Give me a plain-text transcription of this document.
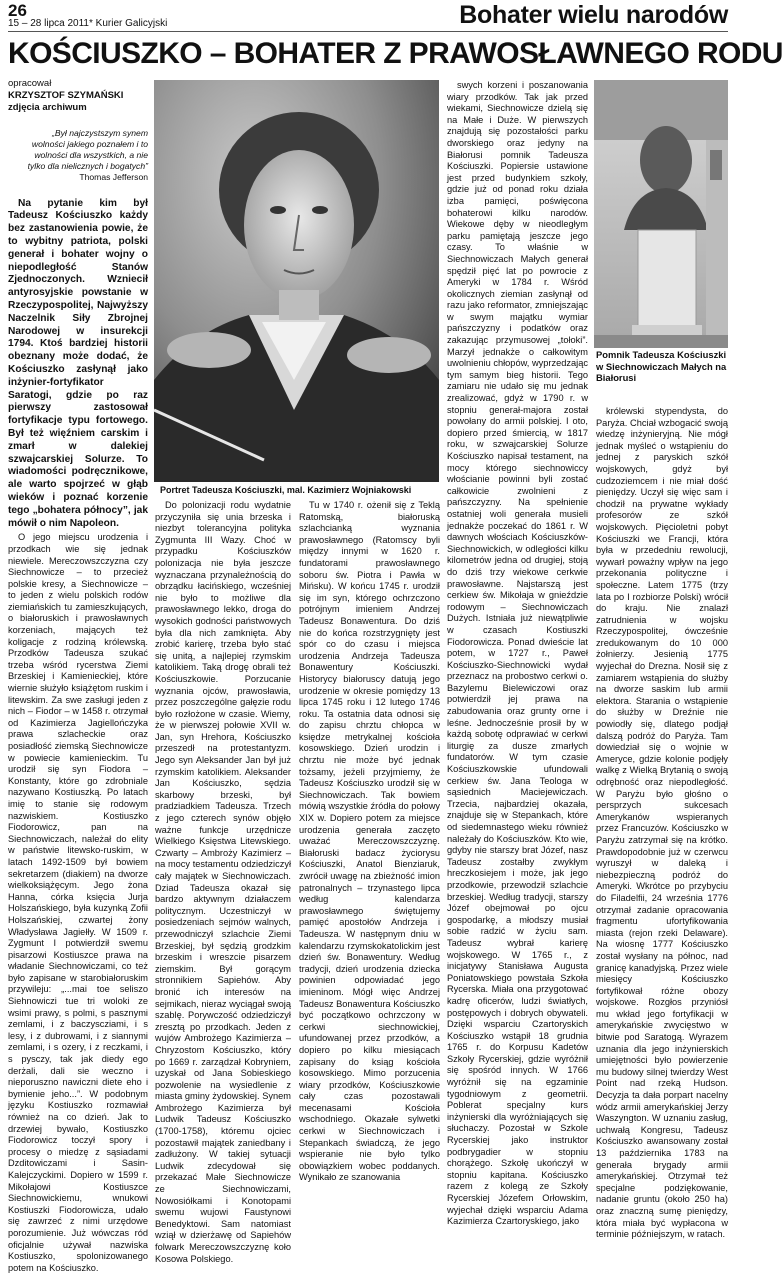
26
15 – 28 lipca 2011* Kurier Galicyjski	Bohater wielu narodów
KOŚCIUSZKO – BOHATER Z PRAWOSŁAWNEGO RODU
opracował
KRZYSZTOF SZYMAŃSKI
zdjęcia archiwum
„Był najczystszym synem wolności jakiego poznałem i to wolności dla wszystkich, a nie tylko dla nielicznych i bogatych”
Thomas Jefferson
Na pytanie kim był Tadeusz Kościuszko każdy bez zastanowienia powie, że to wybitny patriota, polski generał i bohater wojny o niepodległość Stanów Zjednoczonych. Wzniecił antyrosyjskie powstanie w Rzeczypospolitej, Najwyższy Naczelnik Siły Zbrojnej Narodowej w insurekcji 1794. Ktoś bardziej historii obeznany może dodać, że Kościuszko zasłynął jako inżynier-fortyfikator Saratogi, gdzie po raz pierwszy zastosował fortyfikacje typu fortowego. Był też więźniem carskim i zmarł w dalekiej szwajcarskiej Solurze. To wiadomości podręcznikowe, ale warto spojrzeć w głąb wieków i poznać korzenie tego „bohatera północy”, jak mówił o nim Napoleon.

O jego miejscu urodzenia i przodkach wie się jednak niewiele. Mereczowszczyzna czy Siechnowicze – to przecież polskie kresy, a Siechnowicze – to jeden z wielu polskich rodów ziemiańskich tu zamieszkujących, o białoruskich i prawosławnych korzeniach, mających też koligacje z rodziną królewską. Przodków Tadeusza szukać trzeba wśród rycerstwa Ziemi Brzeskiej i Kamienieckiej, które wiernie służyło książętom ruskim i litewskim. Za swe zasługi jeden z nich – Fiodor – w 1458 r. otrzymał od Kazimierza Jagiellończyka prawa szlacheckie oraz posiadłość ziemską Siechnowicze w powiecie kamienieckim. Tu urodził się syn Fiodora – Konstanty, które go zdrobniale nazywano Kostiuszką. Po latach imię to stanie się rodowym nazwiskiem. Kostiuszko Fiodorowicz, pan na Siechnowiczach, należał do elity w państwie litewsko-ruskim, w latach 1492-1509 był bowiem sekretarzem (diakiem) na dworze wielkoksiążęcym. Jego żona Hanna, córka księcia Jurja Holszańskiego, była kuzynką Zofii Holszańskiej, czwartej żony Władysława Jagiełły. W 1509 r. Zygmunt I potwierdził swemu pisarzowi Kostiuszce prawa na władanie Siechnowiczami, co też było zapisane w starobiałoruskim przywileju: „...mai toe seliszo Siehnowiczi tue tri woloki ze wsimi prawy, s polmi, s pasznymi zemlami, i z baczyscziami, i s lesy, i z dubrowami, i z siannymi zemlami, i s ozery, i z reczkami, i s pysczy, tak jak diedy ego derżali, dali sie weczno i nieporuszno nawiczni diete eho i bymienie jeho...”. W podobnym języku Kostiuszko rozmawiał również na co dzień. Jak to drzewiej bywało, Kostiuszko Fiodorowicz toczył spory i procesy o miedzę z sąsiadami Dzditowiczami i Sasin-Kalejczyckimi. Dopiero w 1599 r. Mikołajowi Kostiuszce Siechnowickiemu, wnukowi Kostiuszki Fiodorowicza, udało się zawrzeć z nimi urzędowe porozumienie. Już wówczas ród oficjalnie używał nazwiska Kostiuszko, spolonizowanego potem na Kościuszko.

Portret Tadeusza Kościuszki, mal. Kazimierz Wojniakowski

Do polonizacji rodu wydatnie przyczyniła się unia brzeska i niezbyt tolerancyjna polityka Zygmunta III Wazy. Choć w przypadku Kościuszków polonizacja nie była jeszcze wyznaczana przynależnością do obrządku łacińskiego, wcześniej nie było to możliwe dla prawosławnego lekko, droga do wysokich godności państwowych była dla nich zamknięta. Aby zrobić karierę, trzeba było stać się unitą, a najlepiej rzymskim katolikiem. Taką drogę obrali też Kościuszkowie. Porzucanie wyznania ojców, prawosławia, przez poszczególne gałęzie rodu było rozłożone w czasie. Wiemy, że w pierwszej połowie XVII w. Jan, syn Hrehora, Kościuszko przeszedł na protestantyzm. Jego syn Aleksander Jan był już rzymskim katolikiem. Aleksander Jan Kościuszko, sędzia skarbowy brzeski, był pradziadkiem Tadeusza. Trzech z jego czterech synów objęło ważne funkcje urzędnicze Wielkiego Księstwa Litewskiego. Czwarty – Ambroży Kazimierz – na mocy testamentu odziedziczył cały majątek w Siechnowiczach. Dziad Tadeusza okazał się bardzo aktywnym działaczem politycznym. Uczestniczył w posiedzeniach sejmów walnych, przewodniczył szlachcie Ziemi Brzeskiej, był sędzią grodzkim brzeskim i wreszcie pisarzem ziemskim. Był gorącym stronnikiem Sapiehów. Aby bronić ich interesów na sejmikach, nieraz wyciągał swoją szablę. Porywczość odziedziczył zresztą po przodkach. Jeden z wujów Ambrożego Kazimierza – Chryzostom Kościuszko, który po 1669 r. zarządzał Kobryniem, uzyskał od Jana Sobieskiego pozwolenie na wysiedlenie z miasta gminy żydowskiej. Synem Ambrożego Kazimierza był Ludwik Tadeusz Kościuszko (1700-1758), któremu ojciec pozostawił majątek zaniedbany i zadłużony. W takiej sytuacji Ludwik zdecydował się przekazać Małe Siechnowicze ze Siechnowiczami, Nowosiółkami i Konotopami swemu wujowi Faustynowi Benedyktowi. Sam natomiast wziął w dzierżawę od Sapiehów folwark Mereczowszczyznę koło Kosowa Polskiego.

Tu w 1740 r. ożenił się z Teklą Ratomską, białoruską szlachcianką wyznania prawosławnego (Ratomscy byli między innymi w 1620 r. fundatorami prawosławnego soboru św. Piotra i Pawła w Mińsku). W końcu 1745 r. urodził się im syn, którego ochrzczono potrójnym imieniem Andrzej Tadeusz Bonawentura. Do dziś nie do końca rozstrzygnięty jest spór co do czasu i miejsca urodzenia Andrzeja Tadeusza Bonawentury Kościuszki. Historycy białoruscy datują jego urodzenie w okresie pomiędzy 13 lipca 1745 roku i 12 lutego 1746 roku. Ta ostatnia data odnosi się do zapisu chrztu chłopca w księdze metrykalnej kościoła kosowskiego. Dzień urodzin i chrztu nie może być jednak tożsamy, jeżeli przyjmiemy, że Tadeusz Kościuszko urodził się w Siechnowiczach. Tak bowiem mówią wszystkie źródła do połowy XIX w. Dopiero potem za miejsce urodzenia generała zaczęto uważać Mereczowszczyznę. Białoruski badacz życiorysu Kościuszki, Anatol Bienziaruk, zwrócił uwagę na zbieżność imion patronalnych – trzynastego lipca według kalendarza prawosławnego świętujemy pamięć apostołów Andrzeja i Tadeusza. W następnym dniu w kalendarzu rzymskokatolickim jest dzień św. Bonawentury. Według tradycji, dzień urodzenia dziecka powinien odpowiadać jego imieninom. Mógł więc Andrzej Tadeusz Bonawentura Kościuszko być początkowo ochrzczony w cerkwi siechnowickiej, ufundowanej przez przodków, a dopiero po kilku miesiącach zapisany do ksiąg kościoła kosowskiego. Mimo porzucenia wiary przodków, Kościuszkowie cały czas pozostawali mecenasami Kościoła wschodniego. Okazałe sylwetki cerkwi w Siechnowiczach i Stepankach świadczą, że jego wspieranie nie było tylko obowiązkiem wobec poddanych. Wynikało ze szanowania

swych korzeni i poszanowania wiary przodków. Tak jak przed wiekami, Siechnowicze dzielą się na Małe i Duże. W pierwszych znajdują się pozostałości parku dworskiego oraz jedyny na Białorusi pomnik Tadeusza Kościuszki. Popiersie ustawione jest przed budynkiem szkoły, gdzie już od ponad roku działa izba pamięci, poświęcona bohaterowi kilku narodów. Wiekowe dęby w nieodległym parku pamiętają jeszcze jego czasy. To właśnie w Siechnowiczach Małych generał spędził pięć lat po powrocie z Ameryki w 1784 r. Wśród okolicznych ziemian zasłynął od razu jako reformator, zmniejszając w swym majątku wymiar pańszczyzny i podatków oraz zakazując przymusowej „tołoki”. Marzył jednakże o całkowitym uwolnieniu chłopów, wyprzedzając tym samym bieg historii. Tego zamiaru nie udało się mu jednak zrealizować, gdyż w 1790 r. w stopniu generał-majora został powołany do armii polskiej. I oto, dopiero przed śmiercią, w 1817 roku, w szwajcarskiej Solurze Kościuszko napisał testament, na mocy którego siechnowiccy włościanie powinni byli zostać całkowicie zwolnieni z pańszczyzny. Na spełnienie ostatniej woli generała musieli jednakże poczekać do 1861 r. W dawnych włościach Kościuszków-Siechnowickich, w odległości kilku kilometrów jedna od drugiej, stoją do dziś trzy wiekowe cerkwie prawosławne. Najstarszą jest cerkiew św. Mikołaja w gnieździe rodowym – Siechnowiczach Dużych. Istniała już niewątpliwie w czasach Kostiuszki Fiodorowicza. Ponad dwieście lat potem, w 1727 r., Paweł Kościuszko-Siechnowicki wydał przeznacz na probostwo cerkwi o. Bazylemu Bielewiczowi oraz potwierdził jej prawa na zabudowania oraz grunty orne i leśne. Jednocześnie prosił by w każdą sobotę odprawiać w cerkwi liturgię za dusze zmarłych fundatorów. W tym czasie Kościuszkowskie ufundowali cerkiew św. Jana Teologa w sąsiednich Maciejewiczach. Trzecia, najbardziej okazała, znajduje się w Stepankach, które od siedemnastego wieku również należały do Kościuszków. Kto wie, gdyby nie starszy brat Józef, nasz Tadeusz zostałby zwykłym hreczkosiejem i może, jak jego przodkowie, przewodził szlachcie brzeskiej. Według tradycji, starszy Józef obejmował po ojcu gospodarkę, a młodszy musiał sobie radzić w życiu sam. Tadeusz wybrał karierę wojskowego. W 1765 r., z inicjatywy Stanisława Augusta Poniatowskiego powstała Szkoła Rycerska. Miała ona przygotować kadrę oficerów, ludzi światłych, postępowych i dobrych obywateli. Dzięki wsparciu Czartoryskich Kościuszko wstąpił 18 grudnia 1765 r. do Korpusu Kadetów Szkoły Rycerskiej, gdzie wyróżnił się spośród innych. W 1766 wyróżnił się na egzaminie tygodniowym z geometrii. Poblerat specjalny kurs inżynierski dla wyróżniających się słuchaczy. Pozostał w Szkole Rycerskiej jako instruktor podbrygadier w stopniu chorążego. Szkołę ukończył w stopniu kapitana. Kościuszko razem z kolegą ze Szkoły Rycerskiej Józefem Orłowskim, wyjechał dzięki wsparciu Adama Kazimierza Czartoryskiego, jako

Pomnik Tadeusza Kościuszki w Siechnowiczach Małych na Białorusi

królewski stypendysta, do Paryża. Chciał wzbogacić swoją wiedzę inżynieryjną. Nie mógł jednak myśleć o wstąpieniu do jednej z paryskich szkół wojskowych, gdyż był cudzoziemcem i nie miał dość pieniędzy. Uczył się więc sam i chodził na prywatne wykłady profesorów ze szkół wojskowych. Pięcioletni pobyt Kościuszki we Francji, która była w przededniu rewolucji, wywarł poważny wpływ na jego przekonania polityczne i społeczne. Latem 1775 (trzy lata po I rozbiorze Polski) wrócił do kraju. Nie znalazł zatrudnienia w wojsku Rzeczypospolitej, ówcześnie zredukowanym do 10 000 żołnierzy. Jesienią 1775 wyjechał do Drezna. Nosił się z zamiarem wstąpienia do służby na dworze saskim lub armii elektora. Starania o wstąpienie do służby w Dreźnie nie powiodły się, dlatego podjął dalszą podróż do Paryża. Tam dowiedział się o wojnie w Ameryce, gdzie kolonie podjęły walkę z Wielką Brytanią o swoją odrębność oraz niepodległość. W Paryżu było głośno o persprzych sukcesach Amerykanów wspieranych przez Francuzów. Kościuszko w Paryżu zatrzymał się na krótko. Prawdopodobnie już w czerwcu wyruszył w daleką i niebezpieczną podróż do Ameryki. Wkrótce po przybyciu do Filadelfii, 24 września 1776 otrzymał zadanie opracowania fragmentu ufortyfikowania miasta (rejon rzeki Delaware). Na wiosnę 1777 Kościuszko został wysłany na północ, nad granicę kanadyjską. Przez wiele miesięcy Kościuszko fortyfikował różne obozy wojskowe. Rozgłos przyniósł mu wkład jego fortyfikacji w amerykańskie zwycięstwo w bitwie pod Saratogą. Wyrazem uznania dla jego inżynierskich umiejętności było powierzenie mu budowy silnej twierdzy West Point nad rzeką Hudson. Decyzja ta dała porpart nacelny wódz armii amerykańskiej Jerzy Waszyngton. W uznaniu zasług, uchwałą Kongresu, Tadeusz Kościuszko awansowany został 13 października 1783 na generała brygady armii amerykańskiej. Otrzymał też specjalne podziękowanie, nadanie gruntu (około 250 ha) oraz znaczną sumę pieniędzy, która miała być wypłacona w terminie późniejszym, w ratach.
